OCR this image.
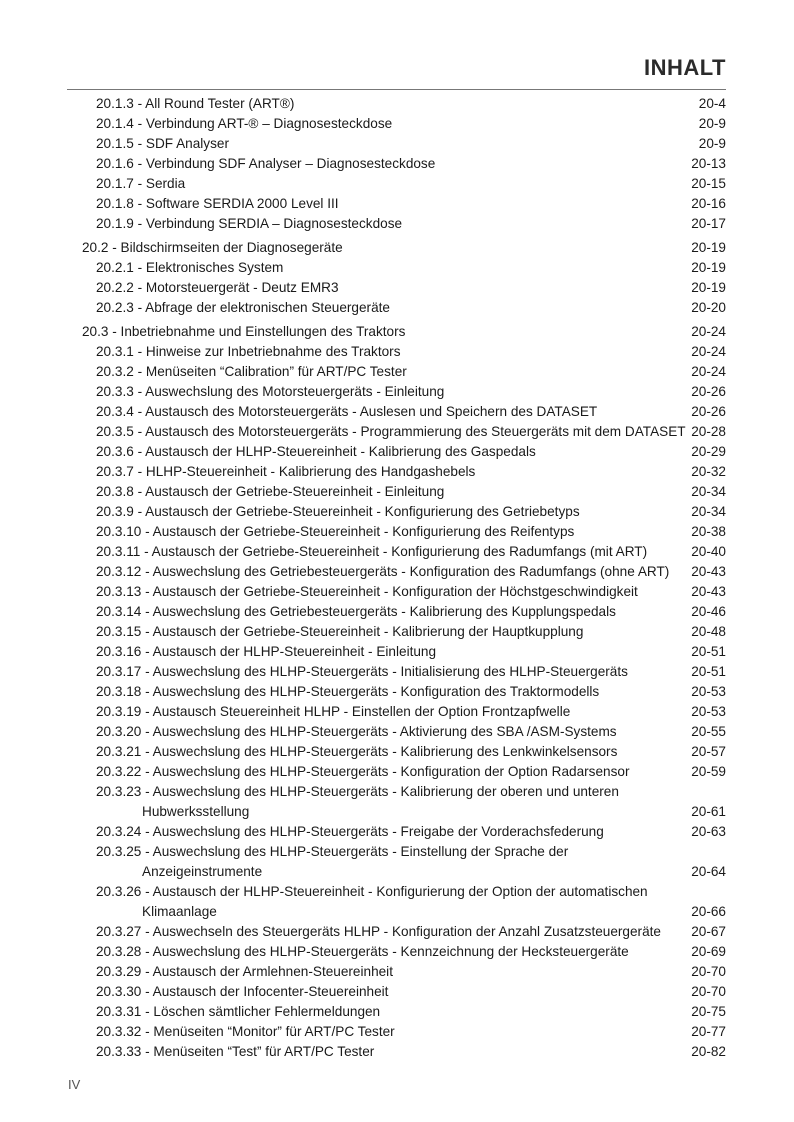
INHALT
20.1.3 - All Round Tester (ART®)	20-4
20.1.4 - Verbindung ART-® – Diagnosesteckdose	20-9
20.1.5 - SDF Analyser	20-9
20.1.6 - Verbindung SDF Analyser – Diagnosesteckdose	20-13
20.1.7 - Serdia	20-15
20.1.8 - Software SERDIA 2000 Level III	20-16
20.1.9 - Verbindung SERDIA – Diagnosesteckdose	20-17
20.2 - Bildschirmseiten der Diagnosegeräte	20-19
20.2.1 - Elektronisches System	20-19
20.2.2 - Motorsteuergerät - Deutz EMR3	20-19
20.2.3 - Abfrage der elektronischen Steuergeräte	20-20
20.3 - Inbetriebnahme und Einstellungen des Traktors	20-24
20.3.1 - Hinweise zur Inbetriebnahme des Traktors	20-24
20.3.2 - Menüseiten “Calibration” für ART/PC Tester	20-24
20.3.3 - Auswechslung des Motorsteuergeräts - Einleitung	20-26
20.3.4 - Austausch des Motorsteuergeräts - Auslesen und Speichern des DATASET	20-26
20.3.5 - Austausch des Motorsteuergeräts - Programmierung des Steuergeräts mit dem DATASET 20-28
20.3.6 - Austausch der HLHP-Steuereinheit - Kalibrierung des Gaspedals	20-29
20.3.7 - HLHP-Steuereinheit - Kalibrierung des Handgashebels	20-32
20.3.8 - Austausch der Getriebe-Steuereinheit - Einleitung	20-34
20.3.9 - Austausch der Getriebe-Steuereinheit - Konfigurierung des Getriebetyps	20-34
20.3.10 - Austausch der Getriebe-Steuereinheit - Konfigurierung des Reifentyps	20-38
20.3.11 - Austausch der Getriebe-Steuereinheit - Konfigurierung des Radumfangs (mit ART)	20-40
20.3.12 - Auswechslung des Getriebesteuergeräts - Konfiguration des Radumfangs (ohne ART)	20-43
20.3.13 - Austausch der Getriebe-Steuereinheit - Konfiguration der Höchstgeschwindigkeit	20-43
20.3.14 - Auswechslung des Getriebesteuergeräts - Kalibrierung des Kupplungspedals	20-46
20.3.15 - Austausch der Getriebe-Steuereinheit - Kalibrierung der Hauptkupplung	20-48
20.3.16 - Austausch der HLHP-Steuereinheit - Einleitung	20-51
20.3.17 - Auswechslung des HLHP-Steuergeräts - Initialisierung des HLHP-Steuergeräts	20-51
20.3.18 - Auswechslung des HLHP-Steuergeräts - Konfiguration des Traktormodells	20-53
20.3.19 - Austausch Steuereinheit HLHP - Einstellen der Option Frontzapfwelle	20-53
20.3.20 - Auswechslung des HLHP-Steuergeräts - Aktivierung des SBA /ASM-Systems	20-55
20.3.21 - Auswechslung des HLHP-Steuergeräts - Kalibrierung des Lenkwinkelsensors	20-57
20.3.22 - Auswechslung des HLHP-Steuergeräts - Konfiguration der Option Radarsensor	20-59
20.3.23 - Auswechslung des HLHP-Steuergeräts - Kalibrierung der oberen und unteren
Hubwerksstellung	20-61
20.3.24 - Auswechslung des HLHP-Steuergeräts - Freigabe der Vorderachsfederung	20-63
20.3.25 - Auswechslung des HLHP-Steuergeräts - Einstellung der Sprache der
Anzeigeinstrumente	20-64
20.3.26 - Austausch der HLHP-Steuereinheit - Konfigurierung der Option der automatischen
Klimaanlage	20-66
20.3.27 - Auswechseln des Steuergeräts HLHP - Konfiguration der Anzahl Zusatzsteuergeräte	20-67
20.3.28 - Auswechslung des HLHP-Steuergeräts - Kennzeichnung der Hecksteuergeräte	20-69
20.3.29 - Austausch der Armlehnen-Steuereinheit	20-70
20.3.30 - Austausch der Infocenter-Steuereinheit	20-70
20.3.31 - Löschen sämtlicher Fehlermeldungen	20-75
20.3.32 - Menüseiten “Monitor” für ART/PC Tester	20-77
20.3.33 - Menüseiten “Test” für ART/PC Tester	20-82
IV
